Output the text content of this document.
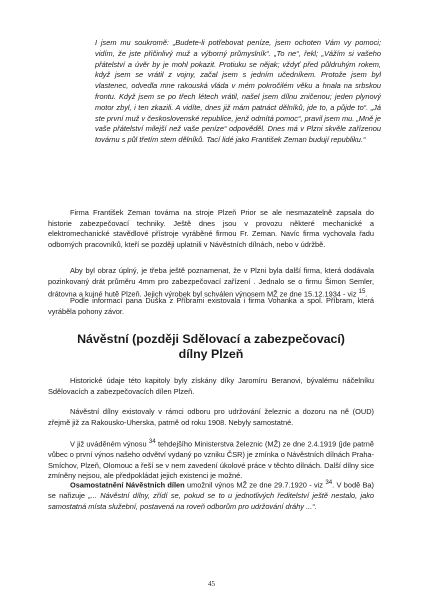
I jsem mu soukromě: „Budete-li potřebovat peníze, jsem ochoten Vám vy pomoci; vidím, že jste přičinlivý muž a výborný průmyslník“. „To ne“, řekl; „Vážím si vašeho přátelství a úvěr by je mohl pokazit. Protiuku se nějak; vždyť před půldruhým rokem, když jsem se vrátil z vojny, začal jsem s jedním učedníkem. Protože jsem byl vlastenec, odvedla mne rakouská vláda v mém pokročilém věku a hnala na srbskou frontu. Když jsem se po třech létech vrátil, našel jsem dílnu zničenou; jeden plynový motor zbyl, i ten zkazili. A vidíte, dnes již mám patnáct dělníků, jde to, a půjde to“. „Já ste první muž v československé republice, jenž odmítá pomoc“, pravil jsem mu. „Mně je vaše přátelství milejší než vaše peníze“ odpověděl. Dnes má v Plzni skvěle zařízenou továrnu s půl třetím stem dělníků. Tací lidé jako František Zeman budují republiku.“

Firma František Zeman továrna na stroje Plzeň Prior se ale nesmazatelně zapsala do historie zabezpečovací techniky. Ještě dnes jsou v provozu některé mechanické a elektromechanické stavědlové přístroje vyráběné firmou Fr. Zeman. Navíc firma vychovala řadu odborných pracovníků, kteří se později uplatnili v Návěstních dílnách, nebo v údržbě.

Aby byl obraz úplný, je třeba ještě poznamenat, že v Plzni byla další firma, která dodávala pozinkovaný drát průměru 4mm pro zabezpečovací zařízení . Jednalo se o firmu Šimon Semler, drátovna a kujné hutě Plzeň. Jejich výrobek byl schválen výnosem MŽ ze dne 15.12.1934 - viz $^{15}$.

Podle informací pana Duška z Příbrami existovala i firma Vohanka a spol. Příbram, která vyráběla pohony závor.

Návěstní (později Sdělovací a zabezpečovací) dílny Plzeň

Historické údaje této kapitoly byly získány díky Jaromíru Beranovi, bývalému náčelníku Sdělovacích a zabezpečovacích dílen Plzeň.

Návěstní dílny existovaly v rámci odboru pro udržování železnic a dozoru na ně (OUD) zřejmě již za Rakousko-Uherska, patrně od roku 1908. Nebyly samostatné.

V již uváděném výnosu $^{34}$ tehdejšího Ministerstva železnic (MŽ) ze dne 2.4.1919 (jde patrně vůbec o první výnos našeho odvětví vydaný po vzniku ČSR) je zmínka o Návěstních dílnách Praha-Smíchov, Plzeň, Olomouc a řeší se v nem zavedení úkolové práce v těchto dílnách. Další dílny sice zmíněny nejsou, ale předpokládat jejich existenci je možné.

Osamostatnění Návěstních dílen umožnil výnos MŽ ze dne 29.7.1920 - viz $^{34}$. V bodě Ba) se nařizuje „... Návěstní dílny, zřídí se, pokud se to u jednotlivých ředitelství ještě nestalo, jako samostatná místa služební, postavená na roveň odborům pro udržování dráhy ...“.

45
